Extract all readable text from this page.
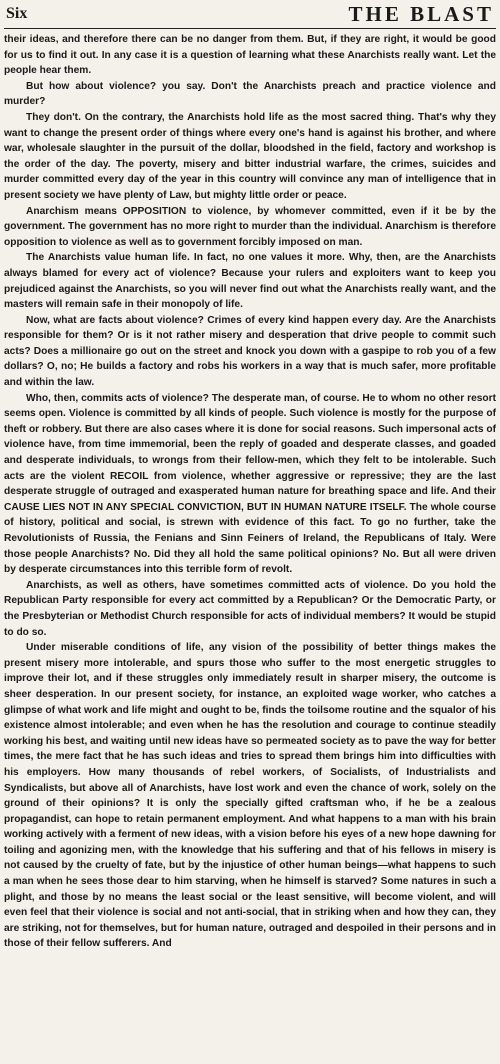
Six	THE BLAST

their ideas, and therefore there can be no danger from them. But, if they are right, it would be good for us to find it out. In any case it is a question of learning what these Anarchists really want. Let the people hear them.

But how about violence? you say. Don't the Anarchists preach and practice violence and murder?

They don't. On the contrary, the Anarchists hold life as the most sacred thing. That's why they want to change the present order of things where every one's hand is against his brother, and where war, wholesale slaughter in the pursuit of the dollar, bloodshed in the field, factory and workshop is the order of the day. The poverty, misery and bitter industrial warfare, the crimes, suicides and murder committed every day of the year in this country will convince any man of intelligence that in present society we have plenty of Law, but mighty little order or peace.

Anarchism means OPPOSITION to violence, by whomever committed, even if it be by the government. The government has no more right to murder than the individual. Anarchism is therefore opposition to violence as well as to government forcibly imposed on man.

The Anarchists value human life. In fact, no one values it more. Why, then, are the Anarchists always blamed for every act of violence? Because your rulers and exploiters want to keep you prejudiced against the Anarchists, so you will never find out what the Anarchists really want, and the masters will remain safe in their monopoly of life.

Now, what are facts about violence? Crimes of every kind happen every day. Are the Anarchists responsible for them? Or is it not rather misery and desperation that drive people to commit such acts? Does a millionaire go out on the street and knock you down with a gaspipe to rob you of a few dollars? O, no; He builds a factory and robs his workers in a way that is much safer, more profitable and within the law.

Who, then, commits acts of violence? The desperate man, of course. He to whom no other resort seems open. Violence is committed by all kinds of people. Such violence is mostly for the purpose of theft or robbery. But there are also cases where it is done for social reasons. Such impersonal acts of violence have, from time immemorial, been the reply of goaded and desperate classes, and goaded and desperate individuals, to wrongs from their fellow-men, which they felt to be intolerable. Such acts are the violent RECOIL from violence, whether aggressive or repressive; they are the last desperate struggle of outraged and exasperated human nature for breathing space and life. And their CAUSE LIES NOT IN ANY SPECIAL CONVICTION, BUT IN HUMAN NATURE ITSELF. The whole course of history, political and social, is strewn with evidence of this fact. To go no further, take the Revolutionists of Russia, the Fenians and Sinn Feiners of Ireland, the Republicans of Italy. Were those people Anarchists? No. Did they all hold the same political opinions? No. But all were driven by desperate circumstances into this terrible form of revolt.

Anarchists, as well as others, have sometimes committed acts of violence. Do you hold the Republican Party responsible for every act committed by a Republican? Or the Democratic Party, or the Presbyterian or Methodist Church responsible for acts of individual members? It would be stupid to do so.

Under miserable conditions of life, any vision of the possibility of better things makes the present misery more intolerable, and spurs those who suffer to the most energetic struggles to improve their lot, and if these struggles only immediately result in sharper misery, the outcome is sheer desperation. In our present society, for instance, an exploited wage worker, who catches a glimpse of what work and life might and ought to be, finds the toilsome routine and the squalor of his existence almost intolerable; and even when he has the resolution and courage to continue steadily working his best, and waiting until new ideas have so permeated society as to pave the way for better times, the mere fact that he has such ideas and tries to spread them brings him into difficulties with his employers. How many thousands of rebel workers, of Socialists, of Industrialists and Syndicalists, but above all of Anarchists, have lost work and even the chance of work, solely on the ground of their opinions? It is only the specially gifted craftsman who, if he be a zealous propagandist, can hope to retain permanent employment. And what happens to a man with his brain working actively with a ferment of new ideas, with a vision before his eyes of a new hope dawning for toiling and agonizing men, with the knowledge that his suffering and that of his fellows in misery is not caused by the cruelty of fate, but by the injustice of other human beings—what happens to such a man when he sees those dear to him starving, when he himself is starved? Some natures in such a plight, and those by no means the least social or the least sensitive, will become violent, and will even feel that their violence is social and not anti-social, that in striking when and how they can, they are striking, not for themselves, but for human nature, outraged and despoiled in their persons and in those of their fellow sufferers. And
